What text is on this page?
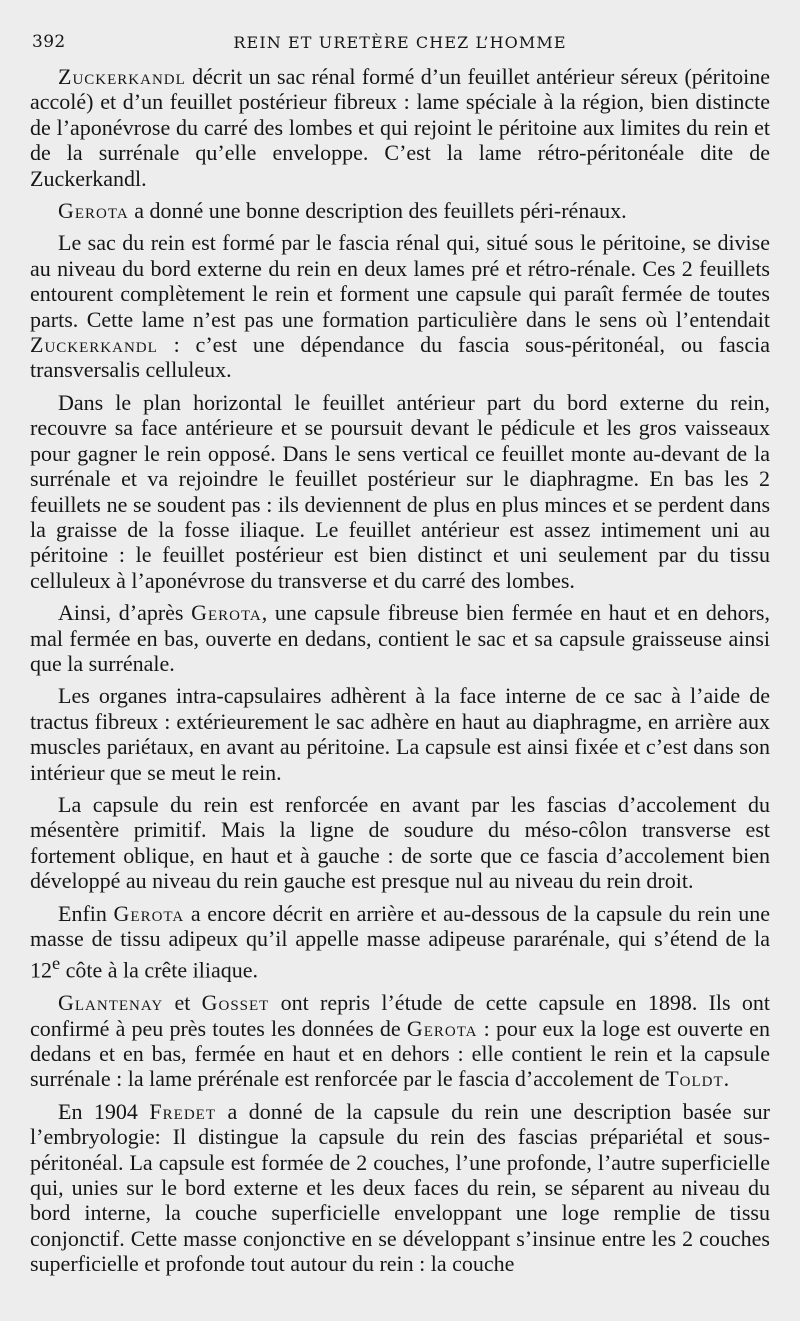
392	REIN ET URETÈRE CHEZ L’HOMME

Zuckerkandl décrit un sac rénal formé d’un feuillet antérieur séreux (péritoine accolé) et d’un feuillet postérieur fibreux : lame spéciale à la région, bien distincte de l’aponévrose du carré des lombes et qui rejoint le péritoine aux limites du rein et de la surrénale qu’elle enveloppe. C’est la lame rétro-péritonéale dite de Zuckerkandl.

Gerota a donné une bonne description des feuillets péri-rénaux.

Le sac du rein est formé par le fascia rénal qui, situé sous le péritoine, se divise au niveau du bord externe du rein en deux lames pré et rétro-rénale. Ces 2 feuillets entourent complètement le rein et forment une capsule qui paraît fermée de toutes parts. Cette lame n’est pas une formation particulière dans le sens où l’entendait Zuckerkandl : c’est une dépendance du fascia sous-péritonéal, ou fascia transversalis celluleux.

Dans le plan horizontal le feuillet antérieur part du bord externe du rein, recouvre sa face antérieure et se poursuit devant le pédicule et les gros vaisseaux pour gagner le rein opposé. Dans le sens vertical ce feuillet monte au-devant de la surrénale et va rejoindre le feuillet postérieur sur le diaphragme. En bas les 2 feuillets ne se soudent pas : ils deviennent de plus en plus minces et se perdent dans la graisse de la fosse iliaque. Le feuillet antérieur est assez intimement uni au péritoine : le feuillet postérieur est bien distinct et uni seulement par du tissu celluleux à l’aponévrose du transverse et du carré des lombes.

Ainsi, d’après Gerota, une capsule fibreuse bien fermée en haut et en dehors, mal fermée en bas, ouverte en dedans, contient le sac et sa capsule graisseuse ainsi que la surrénale.

Les organes intra-capsulaires adhèrent à la face interne de ce sac à l’aide de tractus fibreux : extérieurement le sac adhère en haut au diaphragme, en arrière aux muscles pariétaux, en avant au péritoine. La capsule est ainsi fixée et c’est dans son intérieur que se meut le rein.

La capsule du rein est renforcée en avant par les fascias d’accolement du mésentère primitif. Mais la ligne de soudure du méso-côlon transverse est fortement oblique, en haut et à gauche : de sorte que ce fascia d’accolement bien développé au niveau du rein gauche est presque nul au niveau du rein droit.

Enfin Gerota a encore décrit en arrière et au-dessous de la capsule du rein une masse de tissu adipeux qu’il appelle masse adipeuse pararénale, qui s’étend de la 12e côte à la crête iliaque.

Glantenay et Gosset ont repris l’étude de cette capsule en 1898. Ils ont confirmé à peu près toutes les données de Gerota : pour eux la loge est ouverte en dedans et en bas, fermée en haut et en dehors : elle contient le rein et la capsule surrénale : la lame prérénale est renforcée par le fascia d’accolement de Toldt.

En 1904 Fredet a donné de la capsule du rein une description basée sur l’embryologie: Il distingue la capsule du rein des fascias prépariétal et sous-péritonéal. La capsule est formée de 2 couches, l’une profonde, l’autre superficielle qui, unies sur le bord externe et les deux faces du rein, se séparent au niveau du bord interne, la couche superficielle enveloppant une loge remplie de tissu conjonctif. Cette masse conjonctive en se développant s’insinue entre les 2 couches superficielle et profonde tout autour du rein : la couche
